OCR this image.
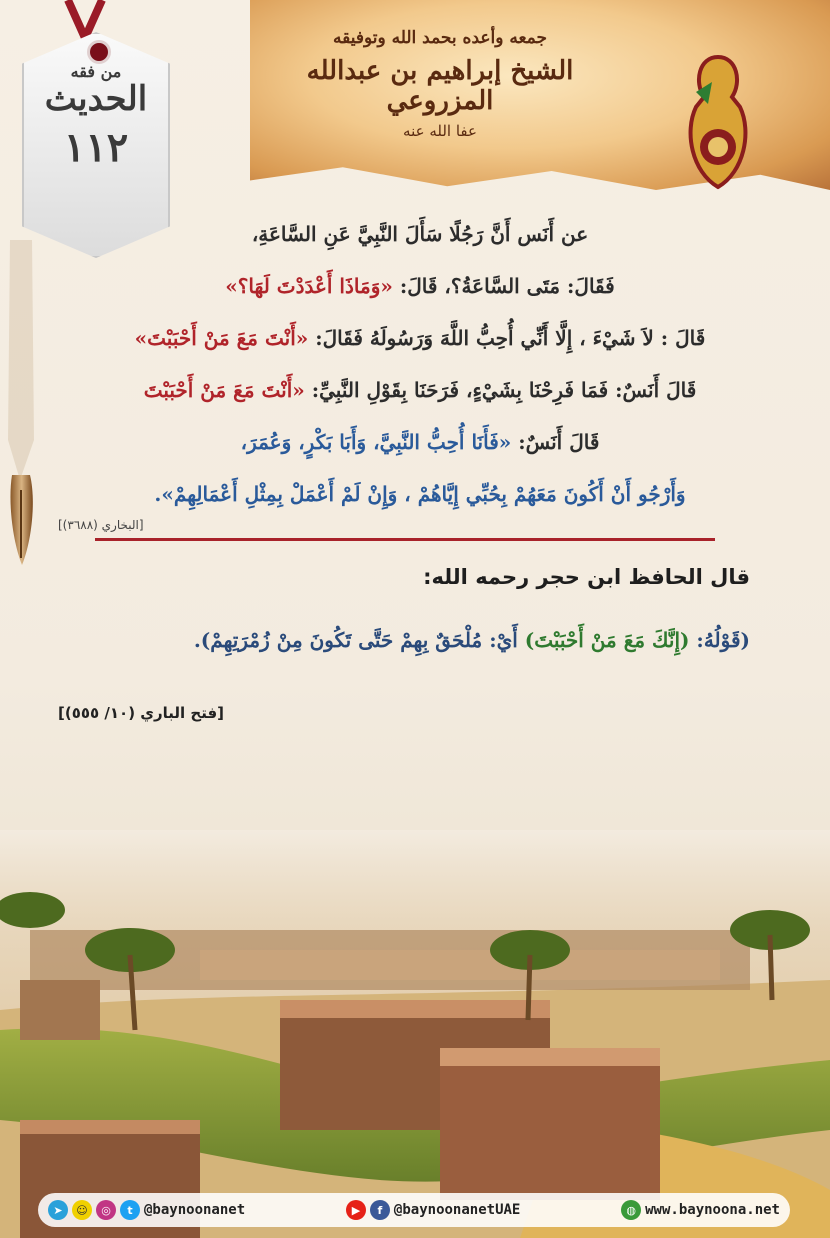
جمعه وأعده بحمد الله وتوفيقه
الشيخ إبراهيم بن عبدالله المزروعي
عفا الله عنه
من فقه
الحديث
١١٢
عن أَنَس أَنَّ رَجُلًا سَأَلَ النَّبِيَّ عَنِ السَّاعَةِ،
فَقَالَ: مَتَى السَّاعَةُ؟، قَالَ: «وَمَاذَا أَعْدَدْتَ لَهَا؟»
قَالَ : لاَ شَيْءَ ، إِلَّا أَنِّي أُحِبُّ اللَّهَ وَرَسُولَهُ فَقَالَ: «أَنْتَ مَعَ مَنْ أَحْبَبْتَ»
قَالَ أَنَسٌ: فَمَا فَرِحْنَا بِشَيْءٍ، فَرَحَنَا بِقَوْلِ النَّبِيِّ: «أَنْتَ مَعَ مَنْ أَحْبَبْتَ
قَالَ أَنَسٌ: «فَأَنَا أُحِبُّ النَّبِيَّ، وَأَبَا بَكْرٍ، وَعُمَرَ،
وَأَرْجُو أَنْ أَكُونَ مَعَهُمْ بِحُبِّي إِيَّاهُمْ ، وَإِنْ لَمْ أَعْمَلْ بِمِثْلِ أَعْمَالِهِمْ».
[البخاري (٣٦٨٨)]
قال الحافظ ابن حجر رحمه الله:
(قَوْلُهُ: (إِنَّكَ مَعَ مَنْ أَحْبَبْتَ) أَيْ: مُلْحَقٌ بِهِمْ حَتَّى تَكُونَ مِنْ زُمْرَتِهِمْ).
[فتح الباري (١٠/ ٥٥٥)]
➤	☺	◎	t @baynoonanet	▶	f @baynoonanetUAE	◍ www.baynoona.net
